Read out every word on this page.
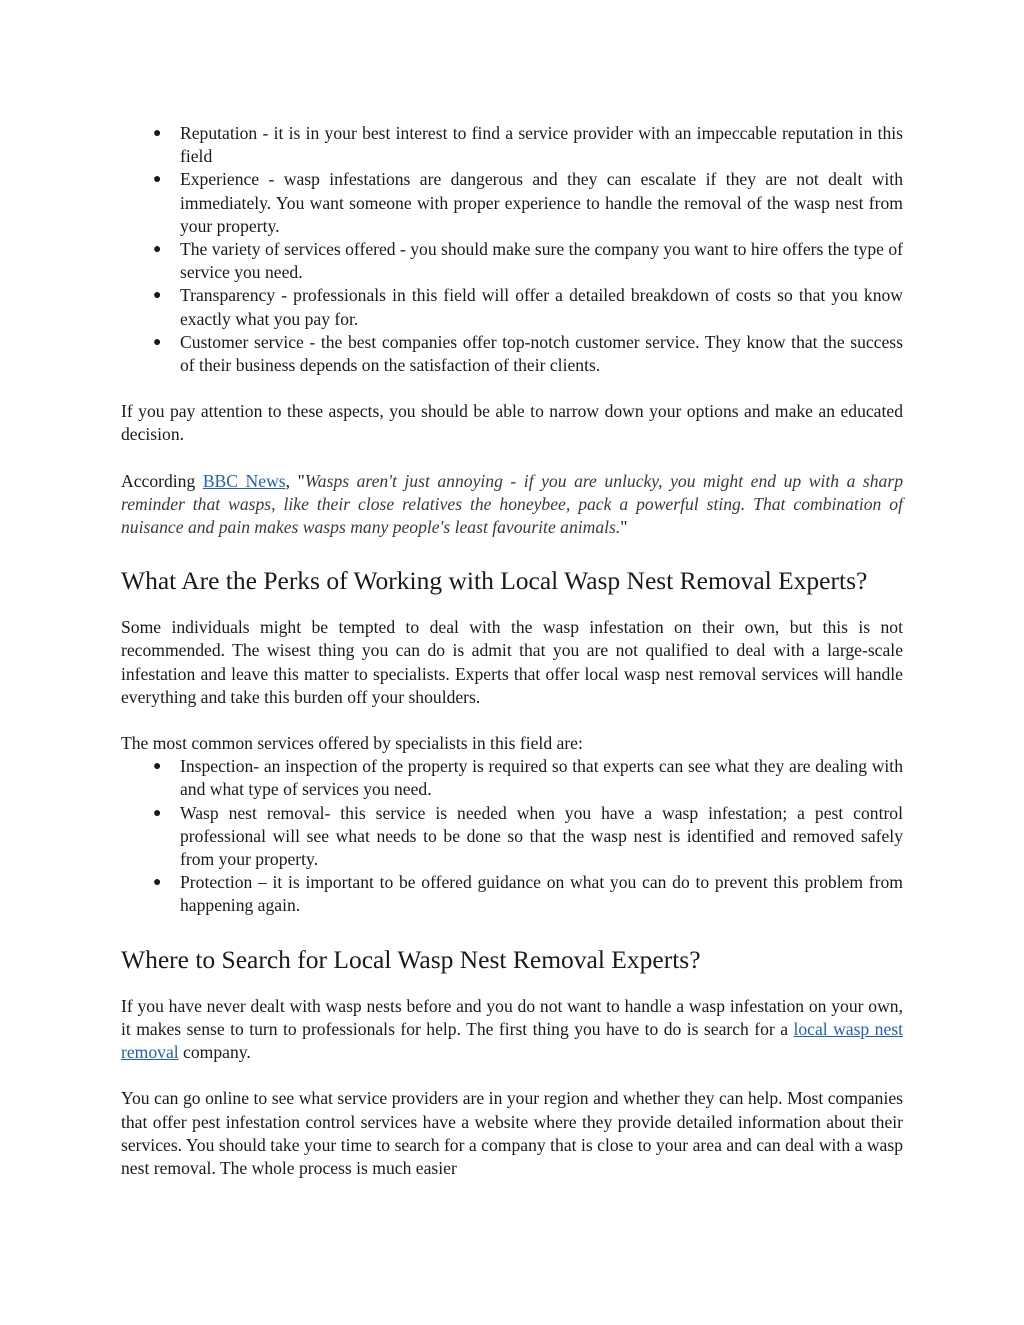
● Reputation - it is in your best interest to find a service provider with an impeccable reputation in this field
● Experience - wasp infestations are dangerous and they can escalate if they are not dealt with immediately. You want someone with proper experience to handle the removal of the wasp nest from your property.
● The variety of services offered - you should make sure the company you want to hire offers the type of service you need.
● Transparency - professionals in this field will offer a detailed breakdown of costs so that you know exactly what you pay for.
● Customer service - the best companies offer top-notch customer service. They know that the success of their business depends on the satisfaction of their clients.

If you pay attention to these aspects, you should be able to narrow down your options and make an educated decision.

According BBC News, "Wasps aren't just annoying - if you are unlucky, you might end up with a sharp reminder that wasps, like their close relatives the honeybee, pack a powerful sting. That combination of nuisance and pain makes wasps many people's least favourite animals."

What Are the Perks of Working with Local Wasp Nest Removal Experts?

Some individuals might be tempted to deal with the wasp infestation on their own, but this is not recommended. The wisest thing you can do is admit that you are not qualified to deal with a large-scale infestation and leave this matter to specialists. Experts that offer local wasp nest removal services will handle everything and take this burden off your shoulders.

The most common services offered by specialists in this field are:

● Inspection- an inspection of the property is required so that experts can see what they are dealing with and what type of services you need.
● Wasp nest removal- this service is needed when you have a wasp infestation; a pest control professional will see what needs to be done so that the wasp nest is identified and removed safely from your property.
● Protection – it is important to be offered guidance on what you can do to prevent this problem from happening again.
Where to Search for Local Wasp Nest Removal Experts?

If you have never dealt with wasp nests before and you do not want to handle a wasp infestation on your own, it makes sense to turn to professionals for help. The first thing you have to do is search for a local wasp nest removal company.

You can go online to see what service providers are in your region and whether they can help. Most companies that offer pest infestation control services have a website where they provide detailed information about their services. You should take your time to search for a company that is close to your area and can deal with a wasp nest removal. The whole process is much easier
